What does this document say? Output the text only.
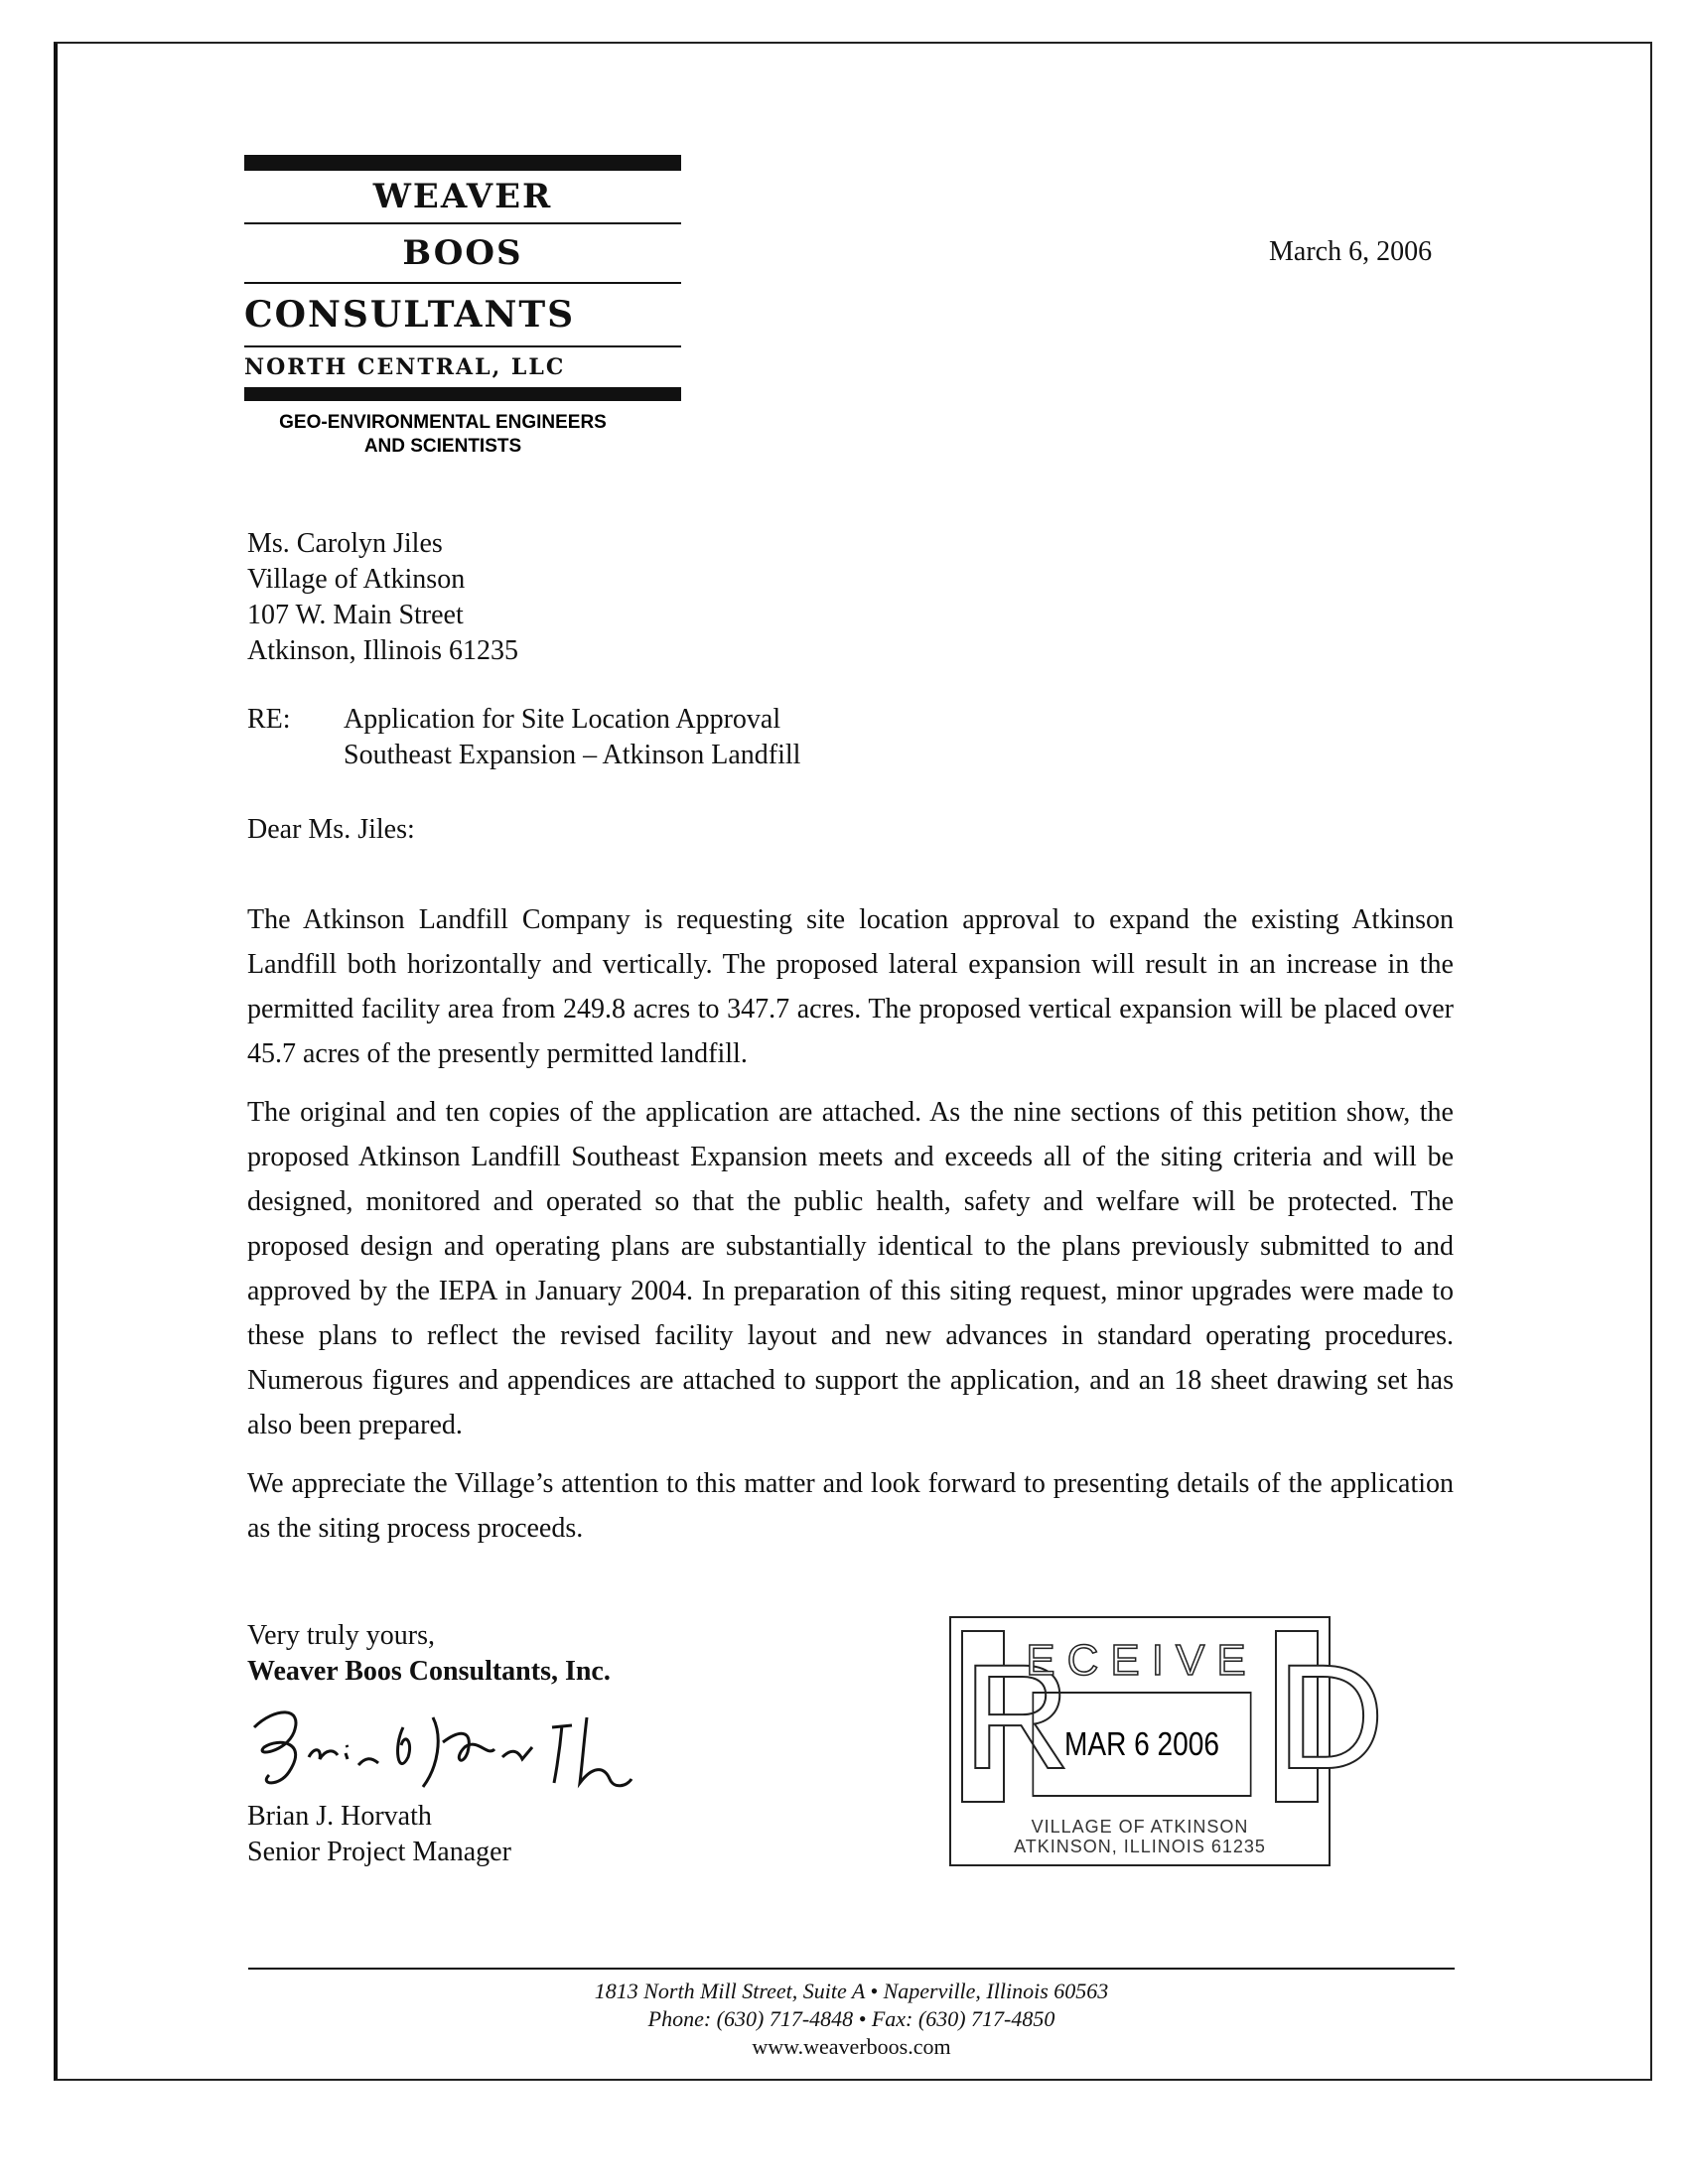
WEAVER
BOOS
CONSULTANTS
NORTH CENTRAL, LLC
GEO-ENVIRONMENTAL ENGINEERS
AND SCIENTISTS
March 6, 2006
Ms. Carolyn Jiles
Village of Atkinson
107 W. Main Street
Atkinson, Illinois 61235
RE: Application for Site Location Approval
Southeast Expansion – Atkinson Landfill
Dear Ms. Jiles:

The Atkinson Landfill Company is requesting site location approval to expand the existing Atkinson Landfill both horizontally and vertically. The proposed lateral expansion will result in an increase in the permitted facility area from 249.8 acres to 347.7 acres. The proposed vertical expansion will be placed over 45.7 acres of the presently permitted landfill.

The original and ten copies of the application are attached. As the nine sections of this petition show, the proposed Atkinson Landfill Southeast Expansion meets and exceeds all of the siting criteria and will be designed, monitored and operated so that the public health, safety and welfare will be protected. The proposed design and operating plans are substantially identical to the plans previously submitted to and approved by the IEPA in January 2004. In preparation of this siting request, minor upgrades were made to these plans to reflect the revised facility layout and new advances in standard operating procedures. Numerous figures and appendices are attached to support the application, and an 18 sheet drawing set has also been prepared.

We appreciate the Village’s attention to this matter and look forward to presenting details of the application as the siting process proceeds.

Very truly yours,
Weaver Boos Consultants, Inc.
Brian J. Horvath
Senior Project Manager
R
ECEIVE D
MAR 6 2006
VILLAGE OF ATKINSON
ATKINSON, ILLINOIS 61235
1813 North Mill Street, Suite A • Naperville, Illinois 60563
Phone: (630) 717-4848 • Fax: (630) 717-4850
www.weaverboos.com
